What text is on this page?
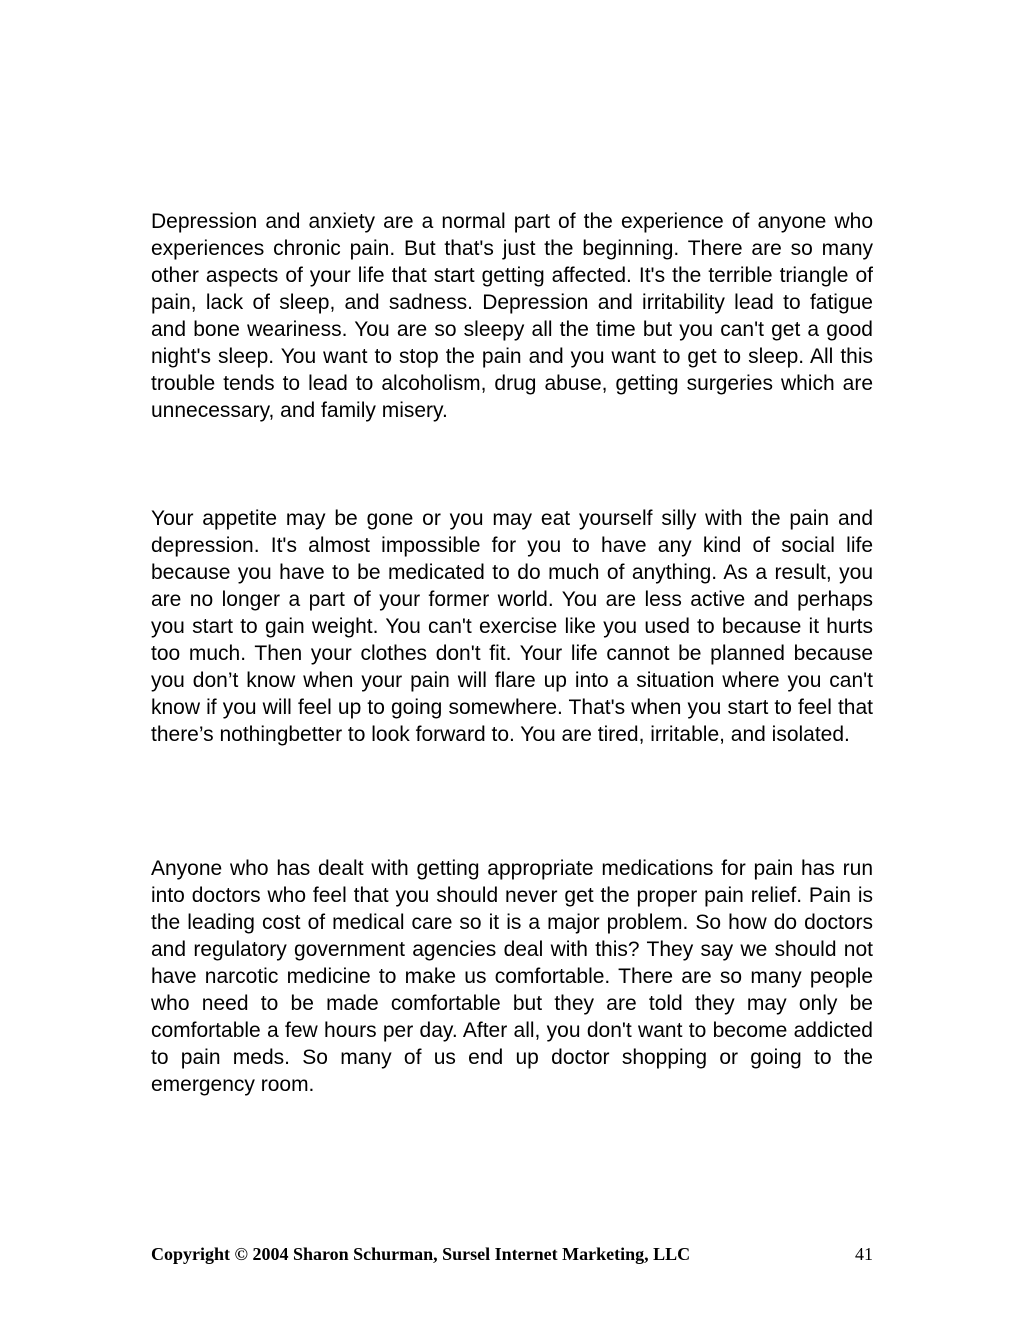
Depression and anxiety are a normal part of the experience of anyone who experiences chronic pain. But that's just the beginning. There are so many other aspects of your life that start getting affected. It's the terrible triangle of pain, lack of sleep, and sadness. Depression and irritability lead to fatigue and bone weariness. You are so sleepy all the time but you can't get a good night's sleep. You want to stop the pain and you want to get to sleep. All this trouble tends to lead to alcoholism, drug abuse, getting surgeries which are unnecessary, and family misery.

Your appetite may be gone or you may eat yourself silly with the pain and depression. It's almost impossible for you to have any kind of social life because you have to be medicated to do much of anything. As a result, you are no longer a part of your former world. You are less active and perhaps you start to gain weight. You can't exercise like you used to because it hurts too much. Then your clothes don't fit. Your life cannot be planned because you don’t know when your pain will flare up into a situation where you can't know if you will feel up to going somewhere. That's when you start to feel that there’s nothingbetter to look forward to. You are tired, irritable, and isolated.

Anyone who has dealt with getting appropriate medications for pain has run into doctors who feel that you should never get the proper pain relief. Pain is the leading cost of medical care so it is a major problem. So how do doctors and regulatory government agencies deal with this? They say we should not have narcotic medicine to make us comfortable. There are so many people who need to be made comfortable but they are told they may only be comfortable a few hours per day. After all, you don't want to become addicted to pain meds. So many of us end up doctor shopping or going to the emergency room.

Copyright © 2004 Sharon Schurman, Sursel Internet Marketing, LLC	41
